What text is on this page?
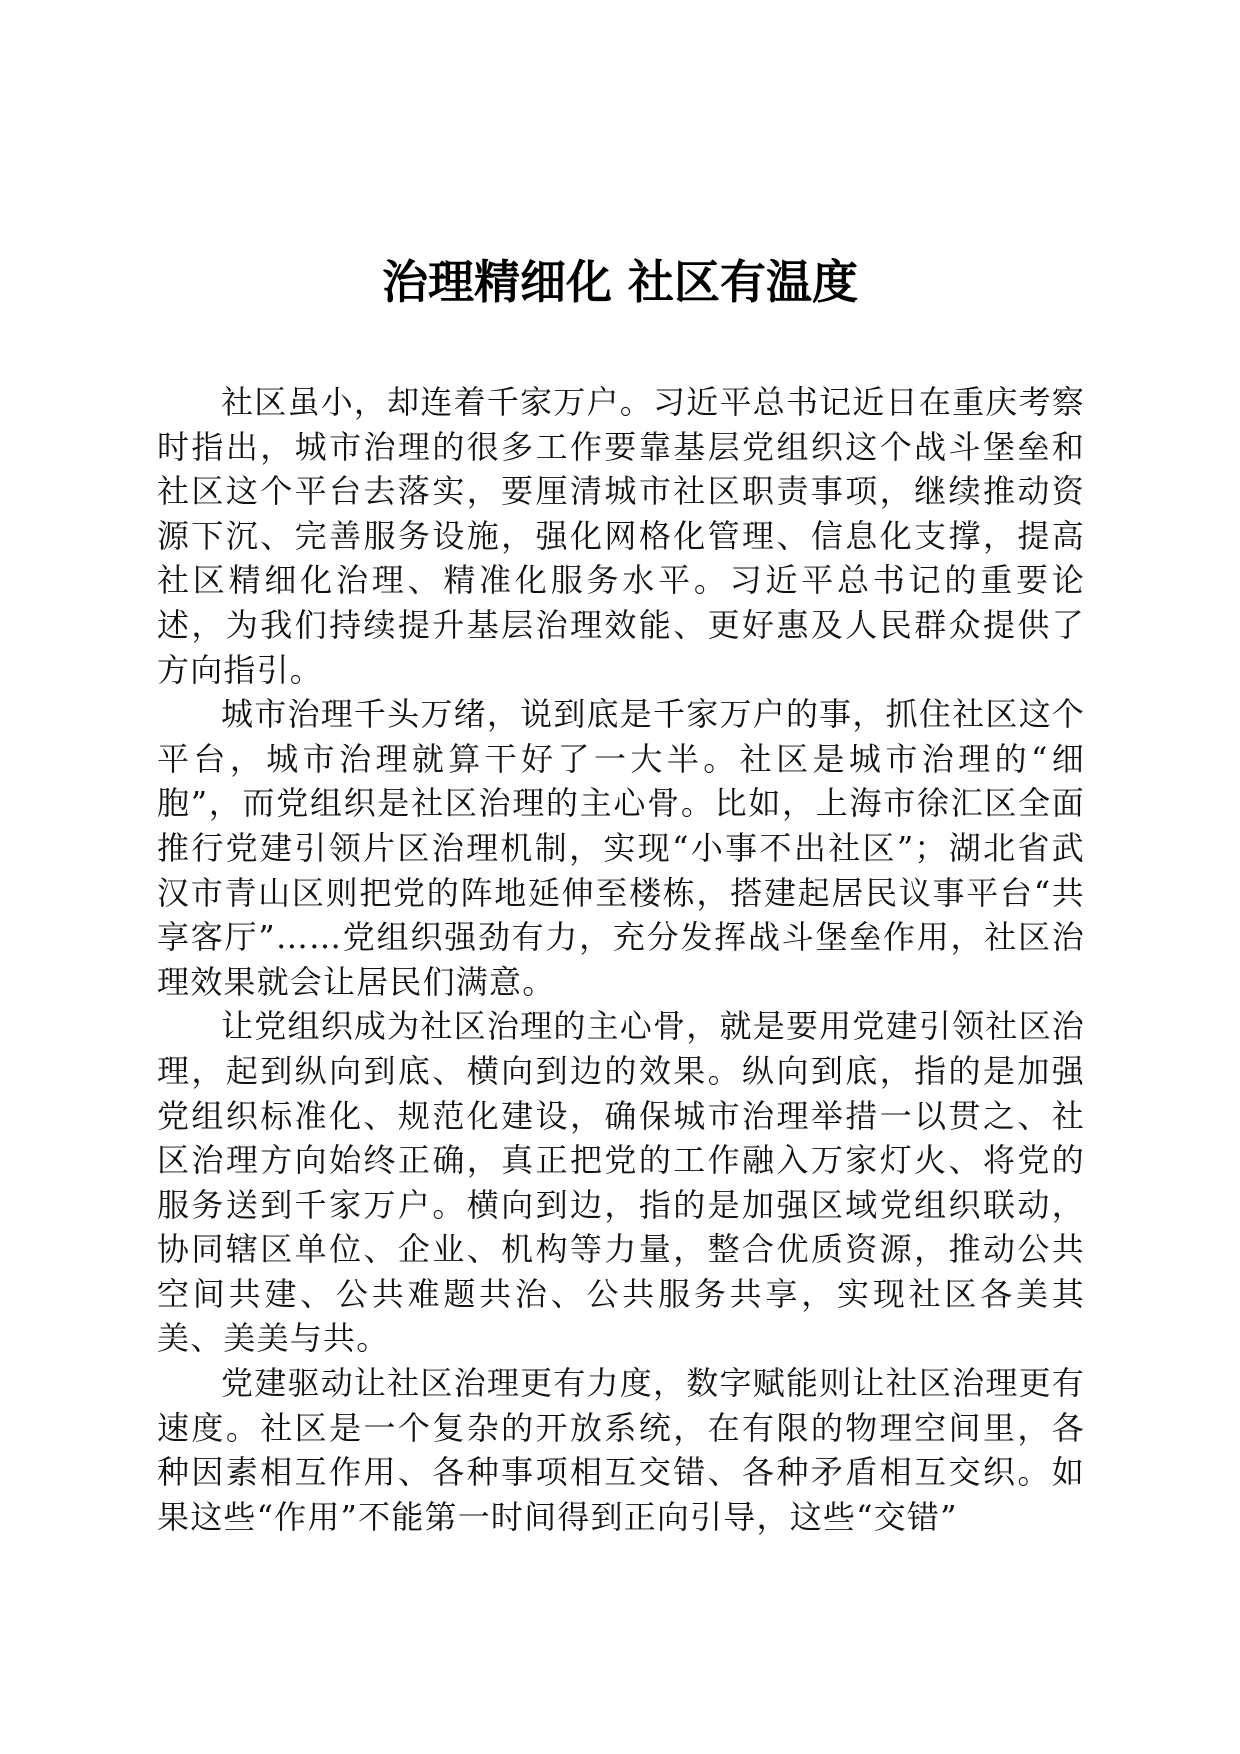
治理精细化 社区有温度

社区虽小，却连着千家万户。习近平总书记近日在重庆考察时指出，城市治理的很多工作要靠基层党组织这个战斗堡垒和社区这个平台去落实，要厘清城市社区职责事项，继续推动资源下沉、完善服务设施，强化网格化管理、信息化支撑，提高社区精细化治理、精准化服务水平。习近平总书记的重要论述，为我们持续提升基层治理效能、更好惠及人民群众提供了方向指引。

城市治理千头万绪，说到底是千家万户的事，抓住社区这个平台，城市治理就算干好了一大半。社区是城市治理的“细胞”，而党组织是社区治理的主心骨。比如，上海市徐汇区全面推行党建引领片区治理机制，实现“小事不出社区”；湖北省武汉市青山区则把党的阵地延伸至楼栋，搭建起居民议事平台“共享客厅”……党组织强劲有力，充分发挥战斗堡垒作用，社区治理效果就会让居民们满意。

让党组织成为社区治理的主心骨，就是要用党建引领社区治理，起到纵向到底、横向到边的效果。纵向到底，指的是加强党组织标准化、规范化建设，确保城市治理举措一以贯之、社区治理方向始终正确，真正把党的工作融入万家灯火、将党的服务送到千家万户。横向到边，指的是加强区域党组织联动，协同辖区单位、企业、机构等力量，整合优质资源，推动公共空间共建、公共难题共治、公共服务共享，实现社区各美其美、美美与共。

党建驱动让社区治理更有力度，数字赋能则让社区治理更有速度。社区是一个复杂的开放系统，在有限的物理空间里，各种因素相互作用、各种事项相互交错、各种矛盾相互交织。如果这些“作用”不能第一时间得到正向引导，这些“交错”
